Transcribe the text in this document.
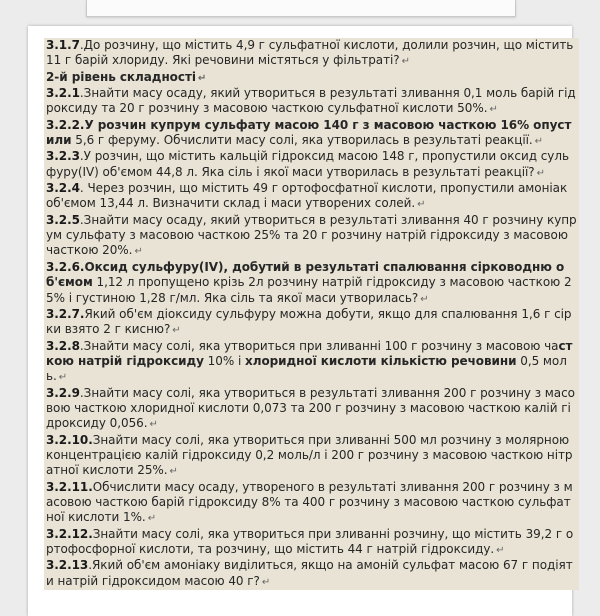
3.1.7.До розчину, що містить 4,9 г сульфатної кислоти, долили розчин, що містить 11 г барій хлориду. Які речовини містяться у фільтраті? ↵

2-й рівень складності ↵

3.2.1.Знайти масу осаду, який утвориться в результаті зливання 0,1 моль барій гідроксиду та 20 г розчину з масовою часткою сульфатної кислоти 50%. ↵

3.2.2.У розчин купрум сульфату масою 140 г з масовою часткою 16% опустили 5,6 г феруму. Обчислити масу солі, яка утворилась в результаті реакції. ↵

3.2.3.У розчин, що містить кальцій гідроксид масою 148 г, пропустили оксид сульфуру(IV) об'ємом 44,8 л. Яка сіль і якої маси утворилась в результаті реакції? ↵

3.2.4. Через розчин, що містить 49 г ортофосфатної кислоти, пропустили амоніак об'ємом 13,44 л. Визначити склад і маси утворених солей. ↵

3.2.5.Знайти масу осаду, який утвориться в результаті зливання 40 г розчину купрум сульфату з масовою часткою 25% та 20 г розчину натрій гідроксиду з масовою часткою 20%. ↵

3.2.6.Оксид сульфуру(IV), добутий в результаті спалювання сірководню об'ємом 1,12 л пропущено крізь 2л розчину натрій гідроксиду з масовою часткою 25% і густиною 1,28 г/мл. Яка сіль та якої маси утворилась? ↵

3.2.7.Який об'єм діоксиду сульфуру можна добути, якщо для спалювання 1,6 г сірки взято 2 г кисню? ↵

3.2.8.Знайти масу солі, яка утвориться при зливанні 100 г розчину з масовою часткою натрій гідроксиду 10% і хлоридної кислоти кількістю речовини 0,5 моль. ↵

3.2.9.Знайти масу солі, яка утвориться в результаті зливання 200 г розчину з масовою часткою хлоридної кислоти 0,073 та 200 г розчину з масовою часткою калій гідроксиду 0,056. ↵

3.2.10.Знайти масу солі, яка утвориться при зливанні 500 мл розчину з молярною концентрацією калій гідроксиду 0,2 моль/л і 200 г розчину з масовою часткою нітратної кислоти 25%. ↵

3.2.11.Обчислити масу осаду, утвореного в результаті зливання 200 г розчину з масовою часткою барій гідроксиду 8% та 400 г розчину з масовою часткою сульфатної кислоти 1%. ↵

3.2.12.Знайти масу солі, яка утвориться при зливанні розчину, що містить 39,2 г ортофосфорної кислоти, та розчину, що містить 44 г натрій гідроксиду. ↵

3.2.13.Який об'єм амоніаку виділиться, якщо на амоній сульфат масою 67 г подіяти натрій гідроксидом масою 40 г? ↵
